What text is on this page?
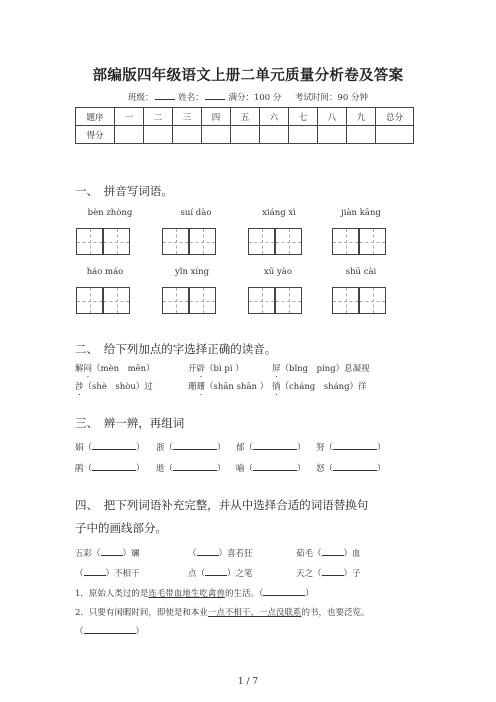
部编版四年级语文上册二单元质量分析卷及答案
班级：	姓名：	满分：100 分 考试时间：90 分钟
题序	一	二	三	四	五	六	七	八	九	总分
得分										
一、　拼音写词语。
bèn zhòng	suí dào	xiáng xì	jiàn kāng
háo máo	yǐn xíng	xū yào	shū cài
二、　给下列加点的字选择正确的读音。
解闷（mèn　mēn）	开辟（bì pì ）	屏（bǐng　píng）息凝视
涉（shè　shòu）过	珊珊（shān shān ） 徜（cháng　sháng）徉
三、　辨一辨，再组词
娟（	） 浙（	） 郁（	） 努（	）
鹃（	） 逝（	） 喻（	） 怒（	）
四、　把下列词语补充完整，并从中选择合适的词语替换句
子中的画线部分。
五彩（	）斓	（	）喜若狂	茹毛（	）血
（	）不相干	点（	）之笔	天之（	）子
1．原始人类过的是连毛带血地生吃禽兽的生活。（	）
2．只要有闲暇时间，即使是和本业一点不相干、一点没联系的书，也要泛览。
（	）
1 / 7
